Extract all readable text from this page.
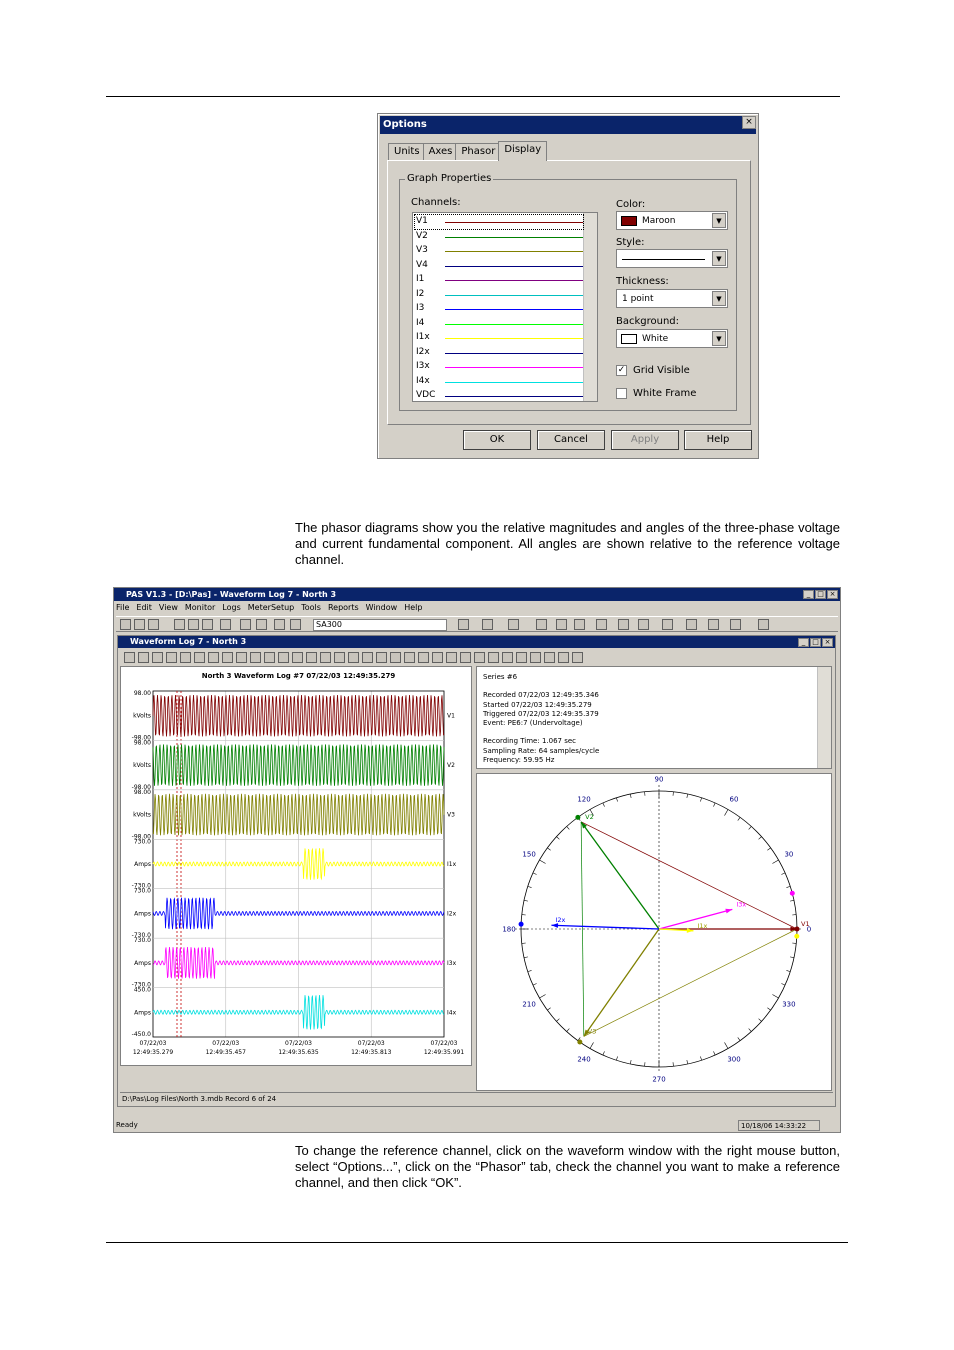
Options	×
Units Axes Phasor Display
Graph Properties
Channels:
V1
V2
V3
V4
I1
I2
I3
I4
I1x
I2x
I3x
I4x
VDC
Color:
Maroon	▼
Style:
▼
Thickness:
1 point	▼
Background:
White	▼
✓ Grid Visible
White Frame
OK	Cancel	Apply	Help
The phasor diagrams show you the relative magnitudes and angles of the three-phase voltage and current fundamental component. All angles are shown relative to the reference voltage channel.
PAS V1.3 - [D:\Pas] - Waveform Log 7 - North 3	_ □ ×
File Edit View Monitor Logs MeterSetup Tools Reports Window Help
SA300
Waveform Log 7 - North 3	_ □ ×
North 3 Waveform Log #7 07/22/03 12:49:35.279
98.00
-98.00
kVolts	V1
98.00
-98.00
kVolts	V2
98.00
-98.00
kVolts	V3
730.0
-730.0
Amps	I1x
730.0
-730.0
Amps	I2x
730.0
-730.0
Amps	I3x
450.0
-450.0
Amps	I4x
07/22/03
12:49:35.279
07/22/03
12:49:35.457
07/22/03
12:49:35.635
07/22/03
12:49:35.813
07/22/03
12:49:35.991
Series #6
Recorded 07/22/03 12:49:35.346
Started 07/22/03 12:49:35.279
Triggered 07/22/03 12:49:35.379
Event: PE6:7 (Undervoltage)
Recording Time: 1.067 sec
Sampling Rate: 64 samples/cycle
Frequency: 59.95 Hz
90
60
30
0
330
300
270
240
210
180
150
120
V1
V2
V3
I2x
I3x
I1x
D:\Pas\Log Files\North 3.mdb Record 6 of 24
Ready	10/18/06 14:33:22
To change the reference channel, click on the waveform window with the right mouse button, select “Options...”, click on the “Phasor” tab, check the channel you want to make a reference channel, and then click “OK”.
